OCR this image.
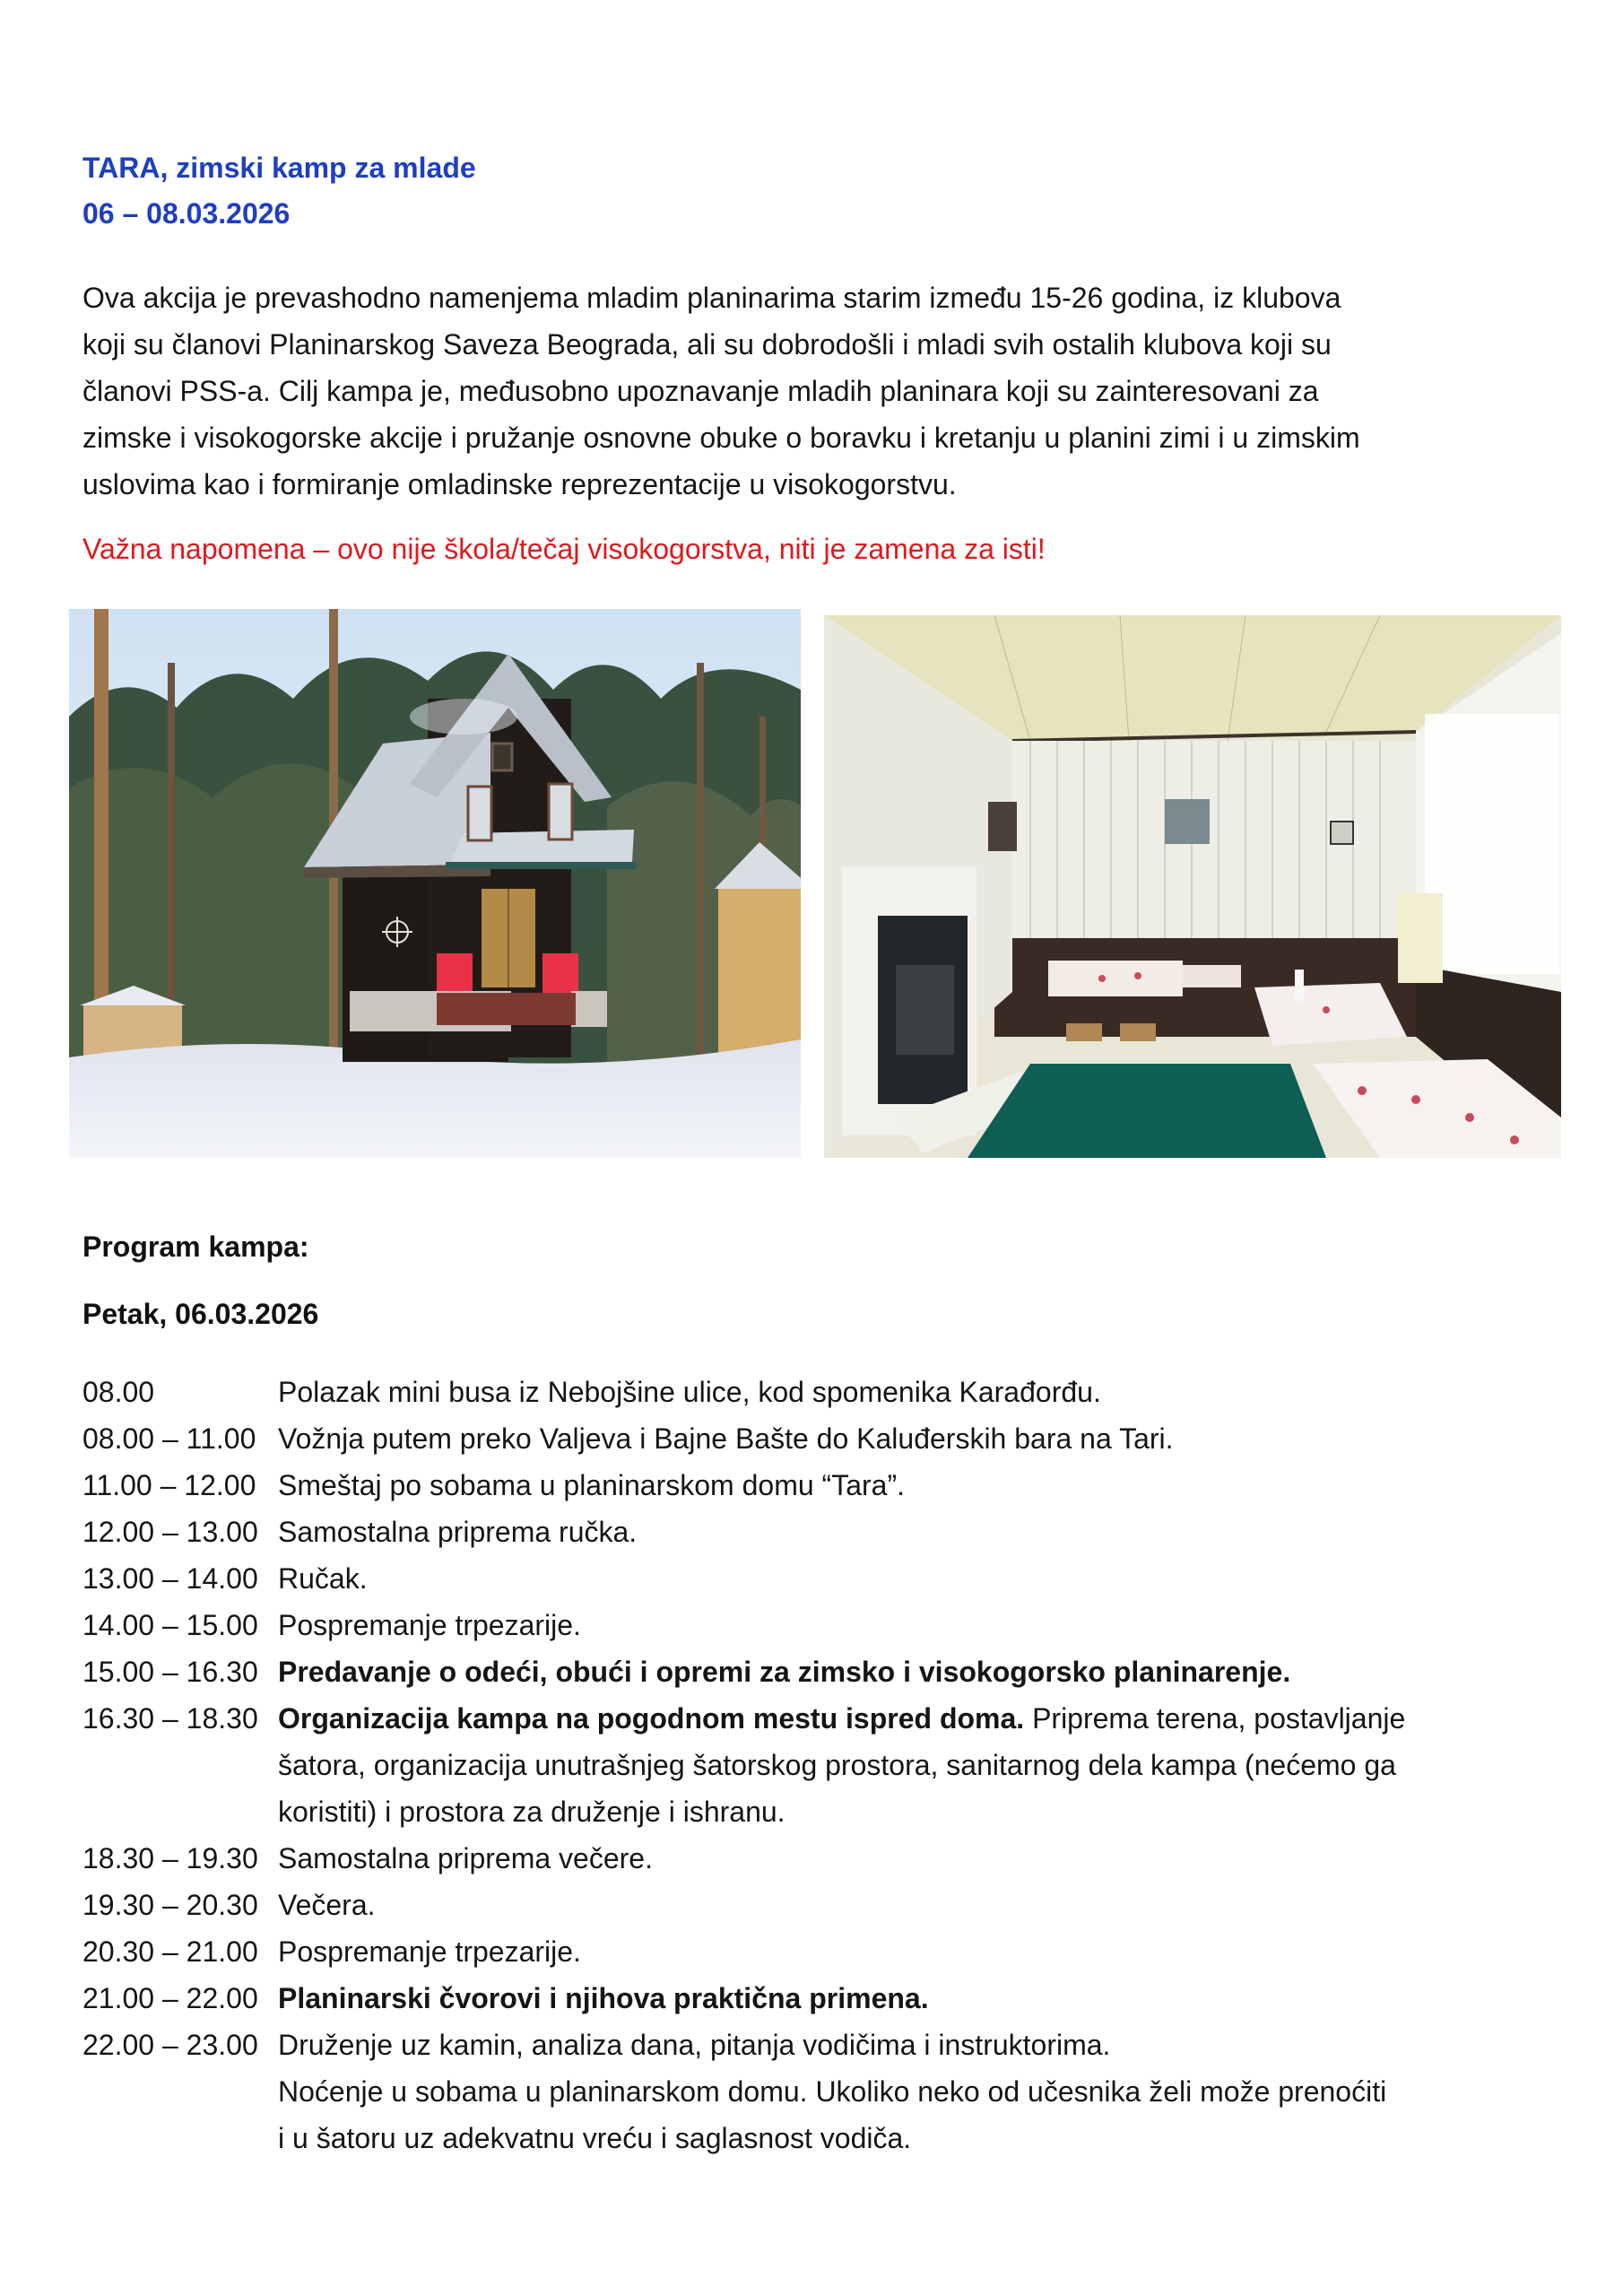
TARA, zimski kamp za mlade
06 – 08.03.2026
Ova akcija je prevashodno namenjema mladim planinarima starim između 15-26 godina, iz klubova
koji su članovi Planinarskog Saveza Beograda, ali su dobrodošli i mladi svih ostalih klubova koji su
članovi PSS-a. Cilj kampa je, međusobno upoznavanje mladih planinara koji su zainteresovani za
zimske i visokogorske akcije i pružanje osnovne obuke o boravku i kretanju u planini zimi i u zimskim
uslovima kao i formiranje omladinske reprezentacije u visokogorstvu.
Važna napomena – ovo nije škola/tečaj visokogorstva, niti je zamena za isti!
Program kampa:
Petak, 06.03.2026
08.00	Polazak mini busa iz Nebojšine ulice, kod spomenika Karađorđu.
08.00 – 11.00 Vožnja putem preko Valjeva i Bajne Bašte do Kaluđerskih bara na Tari.
11.00 – 12.00 Smeštaj po sobama u planinarskom domu “Tara”.
12.00 – 13.00 Samostalna priprema ručka.
13.00 – 14.00 Ručak.
14.00 – 15.00 Pospremanje trpezarije.
15.00 – 16.30 Predavanje o odeći, obući i opremi za zimsko i visokogorsko planinarenje.
16.30 – 18.30 Organizacija kampa na pogodnom mestu ispred doma. Priprema terena, postavljanje
šatora, organizacija unutrašnjeg šatorskog prostora, sanitarnog dela kampa (nećemo ga
koristiti) i prostora za druženje i ishranu.
18.30 – 19.30 Samostalna priprema večere.
19.30 – 20.30 Večera.
20.30 – 21.00 Pospremanje trpezarije.
21.00 – 22.00 Planinarski čvorovi i njihova praktična primena.
22.00 – 23.00 Druženje uz kamin, analiza dana, pitanja vodičima i instruktorima.
Noćenje u sobama u planinarskom domu. Ukoliko neko od učesnika želi može prenoćiti
i u šatoru uz adekvatnu vreću i saglasnost vodiča.
